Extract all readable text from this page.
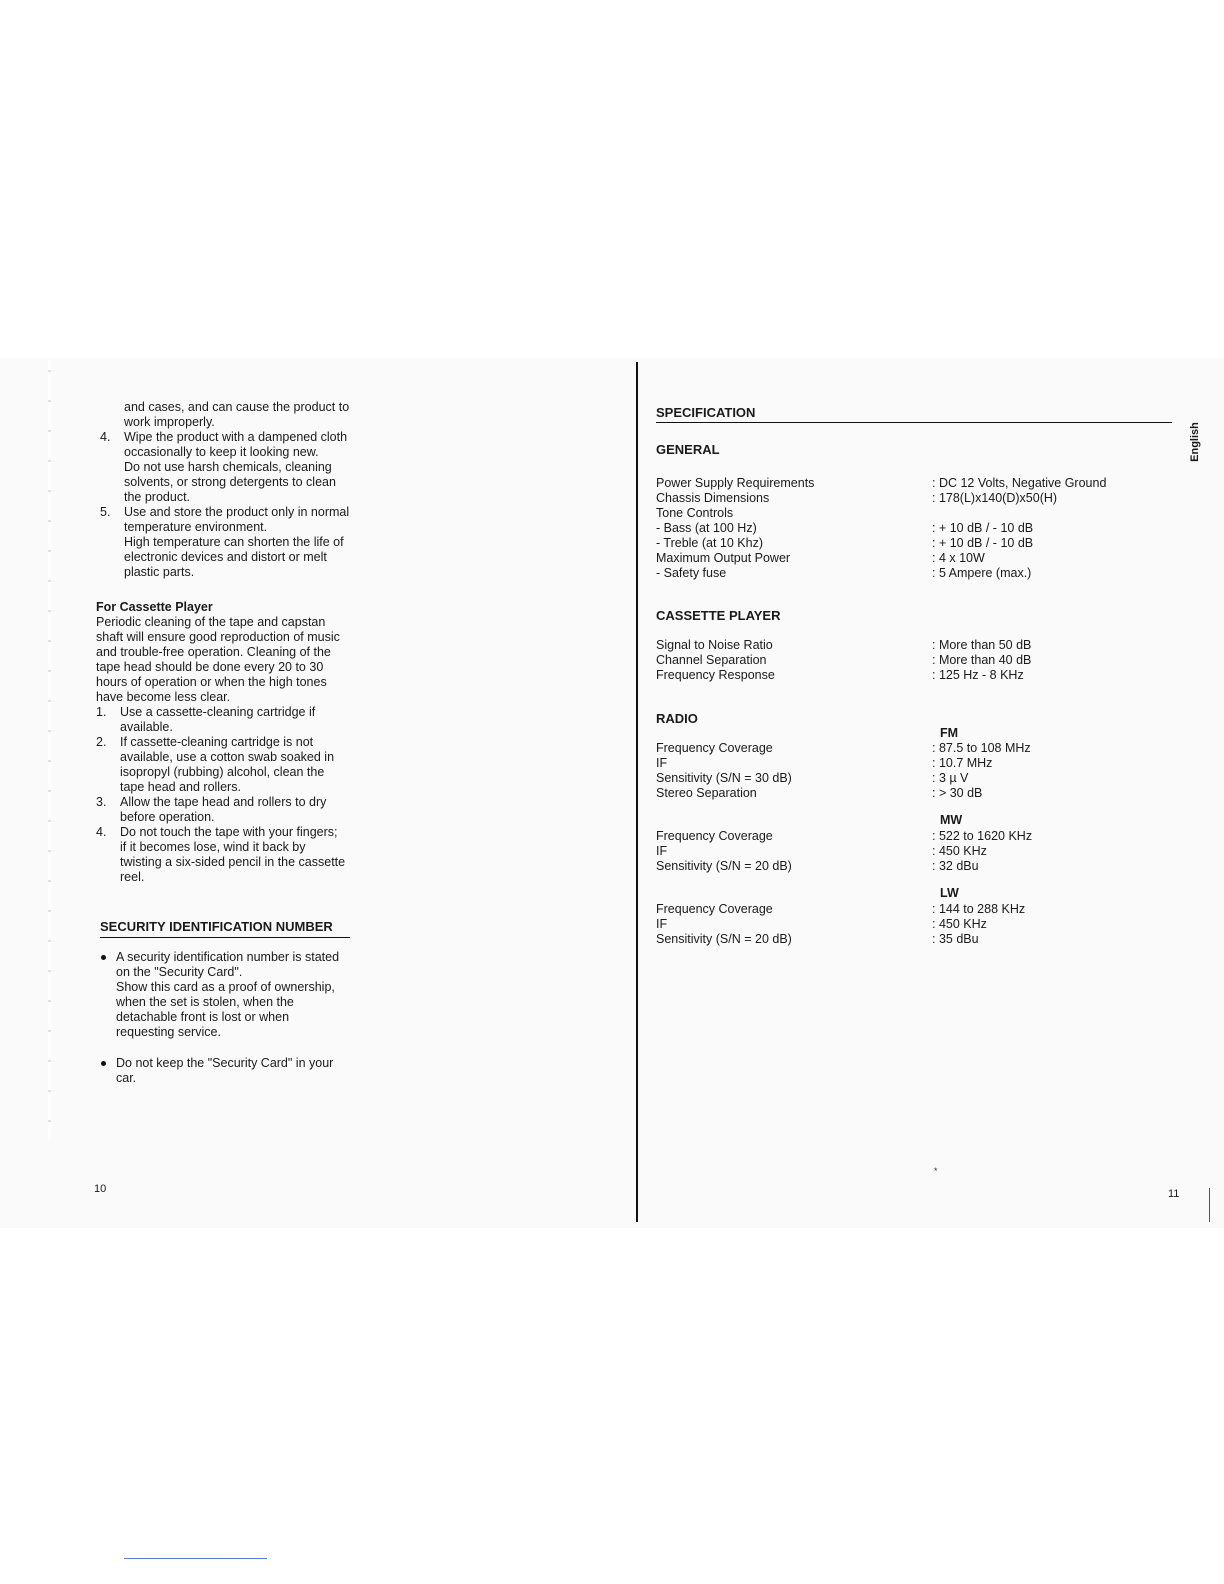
and cases, and can cause the product to
work improperly.
4. Wipe the product with a dampened cloth
occasionally to keep it looking new.
Do not use harsh chemicals, cleaning
solvents, or strong detergents to clean
the product.
5. Use and store the product only in normal
temperature environment.
High temperature can shorten the life of
electronic devices and distort or melt
plastic parts.
For Cassette Player
Periodic cleaning of the tape and capstan
shaft will ensure good reproduction of music
and trouble-free operation. Cleaning of the
tape head should be done every 20 to 30
hours of operation or when the high tones
have become less clear.
1. Use a cassette-cleaning cartridge if
available.
2. If cassette-cleaning cartridge is not
available, use a cotton swab soaked in
isopropyl (rubbing) alcohol, clean the
tape head and rollers.
3. Allow the tape head and rollers to dry
before operation.
4. Do not touch the tape with your fingers;
if it becomes lose, wind it back by
twisting a six-sided pencil in the cassette
reel.
SECURITY IDENTIFICATION NUMBER
A security identification number is stated
on the "Security Card".
Show this card as a proof of ownership,
when the set is stolen, when the
detachable front is lost or when
requesting service.
Do not keep the "Security Card" in your
car.
10
SPECIFICATION
GENERAL
Power Supply Requirements	: DC 12 Volts, Negative Ground
Chassis Dimensions	: 178(L)x140(D)x50(H)
Tone Controls
- Bass (at 100 Hz)	: + 10 dB / - 10 dB
- Treble (at 10 Khz)	: + 10 dB / - 10 dB
Maximum Output Power	: 4 x 10W
- Safety fuse	: 5 Ampere (max.)
CASSETTE PLAYER
Signal to Noise Ratio	: More than 50 dB
Channel Separation	: More than 40 dB
Frequency Response	: 125 Hz - 8 KHz
RADIO
FM
Frequency Coverage	: 87.5 to 108 MHz
IF	: 10.7 MHz
Sensitivity (S/N = 30 dB)	: 3 µ V
Stereo Separation	: > 30 dB
MW
Frequency Coverage	: 522 to 1620 KHz
IF	: 450 KHz
Sensitivity (S/N = 20 dB)	: 32 dBu
LW
Frequency Coverage	: 144 to 288 KHz
IF	: 450 KHz
Sensitivity (S/N = 20 dB)	: 35 dBu
English
*
11
